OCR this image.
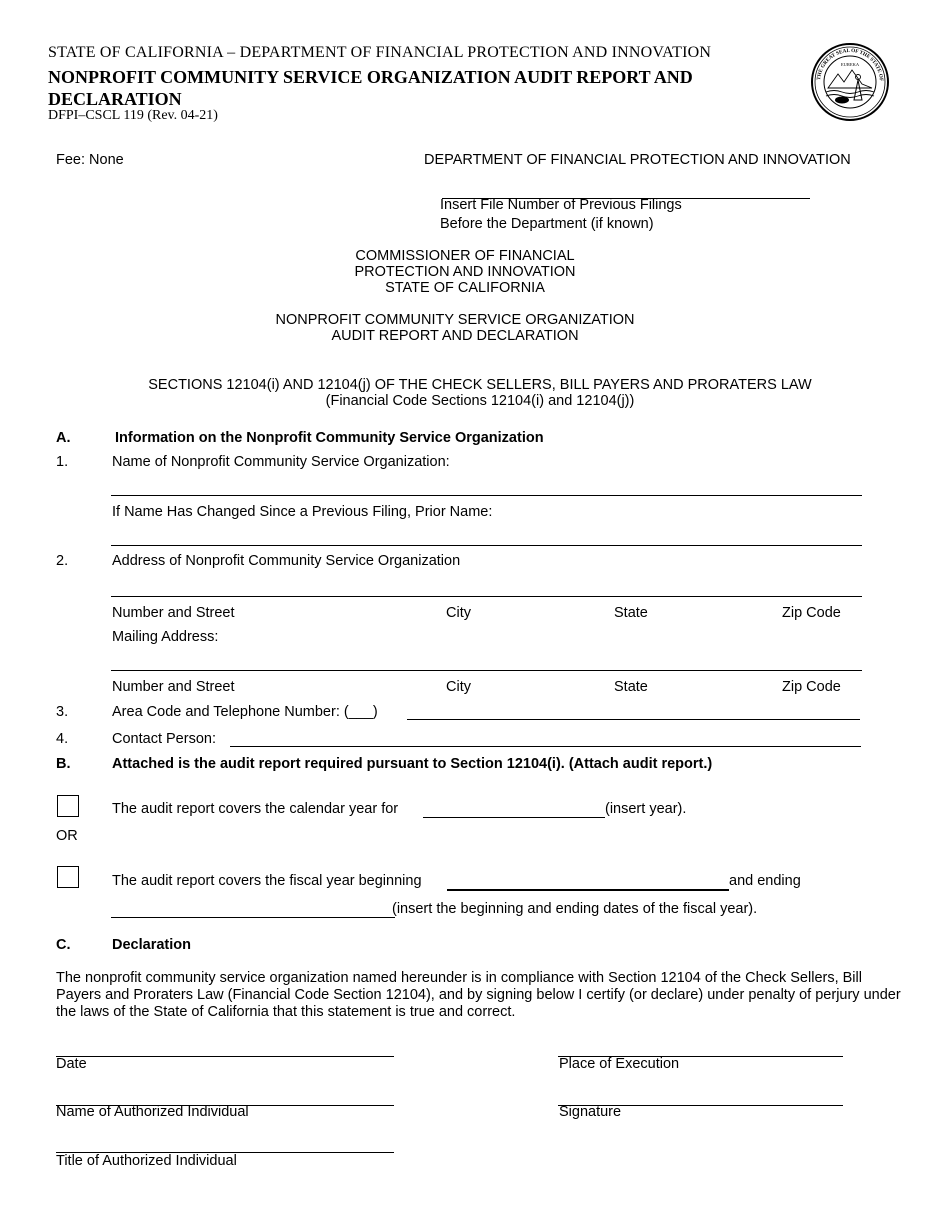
STATE OF CALIFORNIA – DEPARTMENT OF FINANCIAL PROTECTION AND INNOVATION
NONPROFIT COMMUNITY SERVICE ORGANIZATION AUDIT REPORT AND DECLARATION
DFPI–CSCL 119 (Rev. 04-21)
THE GREAT SEAL OF THE STATE OF
EUREKA
Fee: None	DEPARTMENT OF FINANCIAL PROTECTION AND INNOVATION
Insert File Number of Previous Filings
Before the Department (if known)
COMMISSIONER OF FINANCIAL
PROTECTION AND INNOVATION
STATE OF CALIFORNIA
NONPROFIT COMMUNITY SERVICE ORGANIZATION
AUDIT REPORT AND DECLARATION
SECTIONS 12104(i) AND 12104(j) OF THE CHECK SELLERS, BILL PAYERS AND PRORATERS LAW
(Financial Code Sections 12104(i) and 12104(j))
A.	Information on the Nonprofit Community Service Organization
1.	Name of Nonprofit Community Service Organization:
If Name Has Changed Since a Previous Filing, Prior Name:
2.	Address of Nonprofit Community Service Organization
Number and Street	City	State	Zip Code
Mailing Address:
Number and Street	City	State	Zip Code
3.	Area Code and Telephone Number: (___)
4.	Contact Person:
B.	Attached is the audit report required pursuant to Section 12104(i). (Attach audit report.)
The audit report covers the calendar year for	(insert year).
OR
The audit report covers the fiscal year beginning	and ending
(insert the beginning and ending dates of the fiscal year).
C.	Declaration
The nonprofit community service organization named hereunder is in compliance with Section 12104 of the Check Sellers, Bill Payers and Proraters Law (Financial Code Section 12104), and by signing below I certify (or declare) under penalty of perjury under the laws of the State of California that this statement is true and correct.
Date	Place of Execution
Name of Authorized Individual	Signature
Title of Authorized Individual
